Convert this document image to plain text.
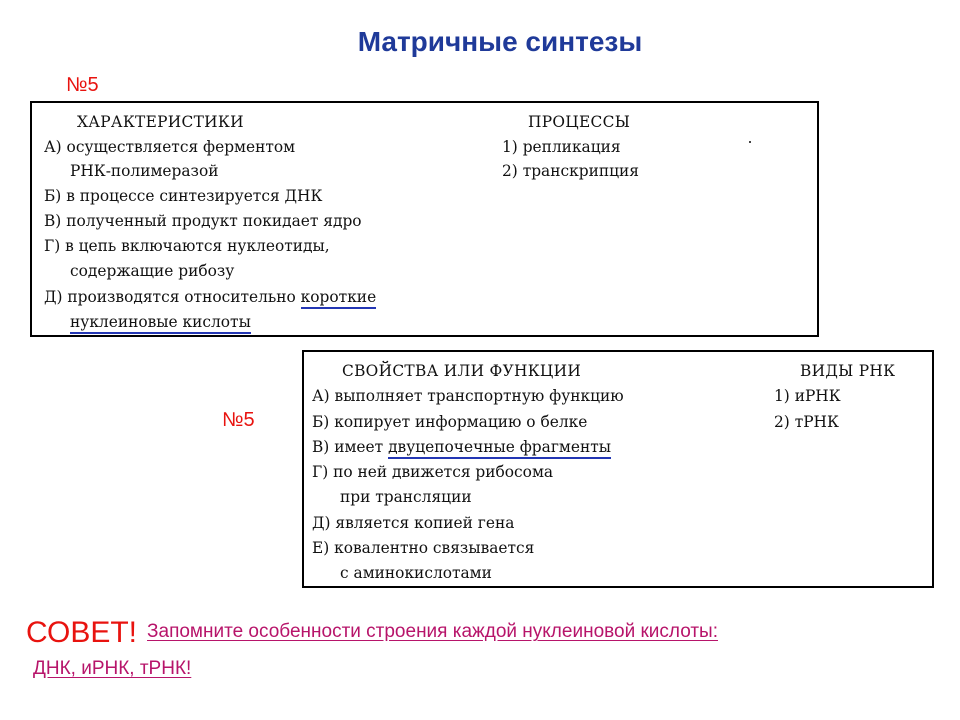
Матричные синтезы
№5
ХАРАКТЕРИСТИКИ	ПРОЦЕССЫ
А) осуществляется ферментом
РНК-полимеразой
Б) в процессе синтезируется ДНК
В) полученный продукт покидает ядро
Г) в цепь включаются нуклеотиды,
содержащие рибозу
Д) производятся относительно короткие
нуклеиновые кислоты
1) репликация
2) транскрипция
№5
СВОЙСТВА ИЛИ ФУНКЦИИ	ВИДЫ РНК
А) выполняет транспортную функцию
Б) копирует информацию о белке
В) имеет двуцепочечные фрагменты
Г) по ней движется рибосома
при трансляции
Д) является копией гена
Е) ковалентно связывается
с аминокислотами
1) иРНК
2) тРНК
СОВЕТ! Запомните особенности строения каждой нуклеиновой кислоты:
ДНК, иРНК, тРНК!
